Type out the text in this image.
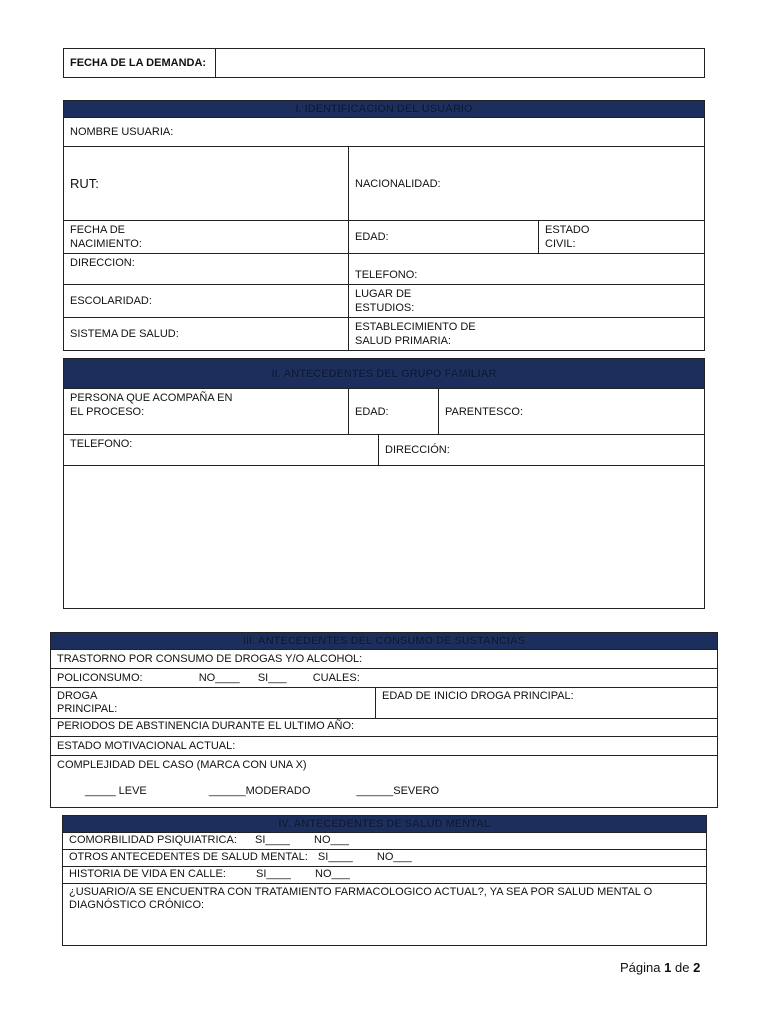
FECHA DE LA DEMANDA:	
I. IDENTIFICACIÓN DEL USUARIO		
NOMBRE USUARIA:		
RUT:	NACIONALIDAD:	
FECHA DE NACIMIENTO:	EDAD:	ESTADO CIVIL:
DIRECCION:	TELEFONO:	
ESCOLARIDAD:	LUGAR DE ESTUDIOS:	
SISTEMA DE SALUD:	ESTABLECIMIENTO DE SALUD PRIMARIA:	
II. ANTECEDENTES DEL GRUPO FAMILIAR			
PERSONA QUE ACOMPAÑA EN EL PROCESO:	EDAD:		PARENTESCO:
TELEFONO:		DIRECCIÓN:	

III. ANTECEDENTES DEL CONSUMO DE SUSTANCIAS
TRASTORNO POR CONSUMO DE DROGAS Y/O ALCOHOL:
POLICONSUMO:	NO____ SI___ CUALES:
DROGA PRINCIPAL:	EDAD DE INICIO DROGA PRINCIPAL:
PERIODOS DE ABSTINENCIA DURANTE EL ULTIMO AÑO:
ESTADO MOTIVACIONAL ACTUAL:

COMPLEJIDAD DEL CASO (MARCA CON UNA X)
_____ LEVE	______MODERADO	______SEVERO
IV. ANTECEDENTES DE SALUD MENTAL
COMORBILIDAD PSIQUIATRICA: SI____ NO___
OTROS ANTECEDENTES DE SALUD MENTAL: SI____ NO___
HISTORIA DE VIDA EN CALLE:	SI____ NO___
¿USUARIO/A SE ENCUENTRA CON TRATAMIENTO FARMACOLOGICO ACTUAL?, YA SEA POR SALUD MENTAL O DIAGNÓSTICO CRÓNICO:
Página 1 de 2
